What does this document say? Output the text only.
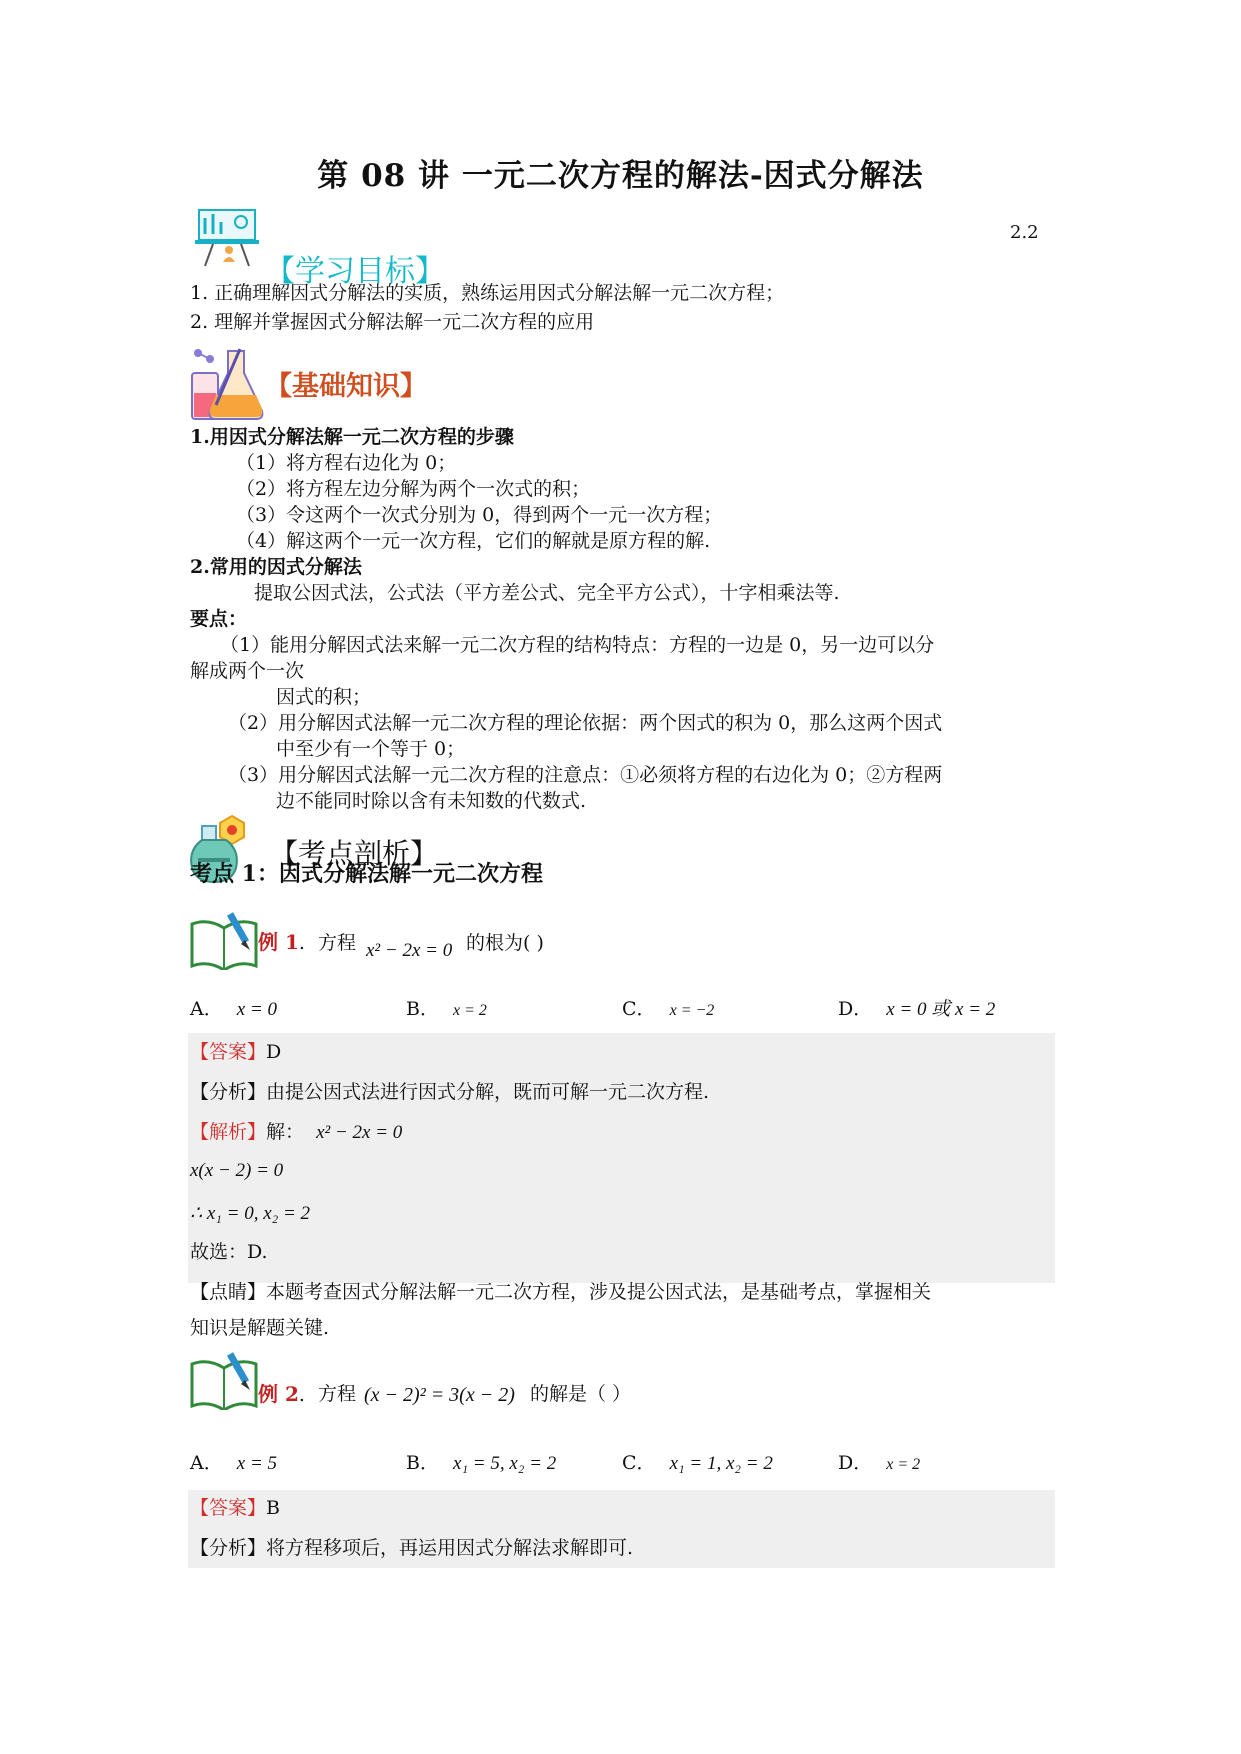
第 08 讲 一元二次方程的解法-因式分解法
2.2
【学习目标】
1. 正确理解因式分解法的实质，熟练运用因式分解法解一元二次方程；
2. 理解并掌握因式分解法解一元二次方程的应用
【基础知识】
1.用因式分解法解一元二次方程的步骤
（1）将方程右边化为 0；
（2）将方程左边分解为两个一次式的积；
（3）令这两个一次式分别为 0，得到两个一元一次方程；
（4）解这两个一元一次方程，它们的解就是原方程的解.
2.常用的因式分解法
提取公因式法，公式法（平方差公式、完全平方公式），十字相乘法等.
要点：
（1）能用分解因式法来解一元二次方程的结构特点：方程的一边是 0，另一边可以分
解成两个一次
因式的积；
（2）用分解因式法解一元二次方程的理论依据：两个因式的积为 0，那么这两个因式
中至少有一个等于 0；
（3）用分解因式法解一元二次方程的注意点：①必须将方程的右边化为 0；②方程两
边不能同时除以含有未知数的代数式.
【考点剖析】
考点 1：因式分解法解一元二次方程
例 1. 方程 x² − 2x = 0 的根为( )
A． x = 0	B． x = 2	C． x = −2	D． x = 0 或 x = 2
【答案】D
【分析】由提公因式法进行因式分解，既而可解一元二次方程.
【解析】解： x² − 2x = 0
x(x − 2) = 0
∴ x₁ = 0, x₂ = 2
故选：D.
【点睛】本题考查因式分解法解一元二次方程，涉及提公因式法，是基础考点，掌握相关
知识是解题关键.
例 2. 方程 (x − 2)² = 3(x − 2) 的解是（ ）
A． x = 5	B． x₁ = 5, x₂ = 2	C． x₁ = 1, x₂ = 2	D． x = 2
【答案】B
【分析】将方程移项后，再运用因式分解法求解即可.
